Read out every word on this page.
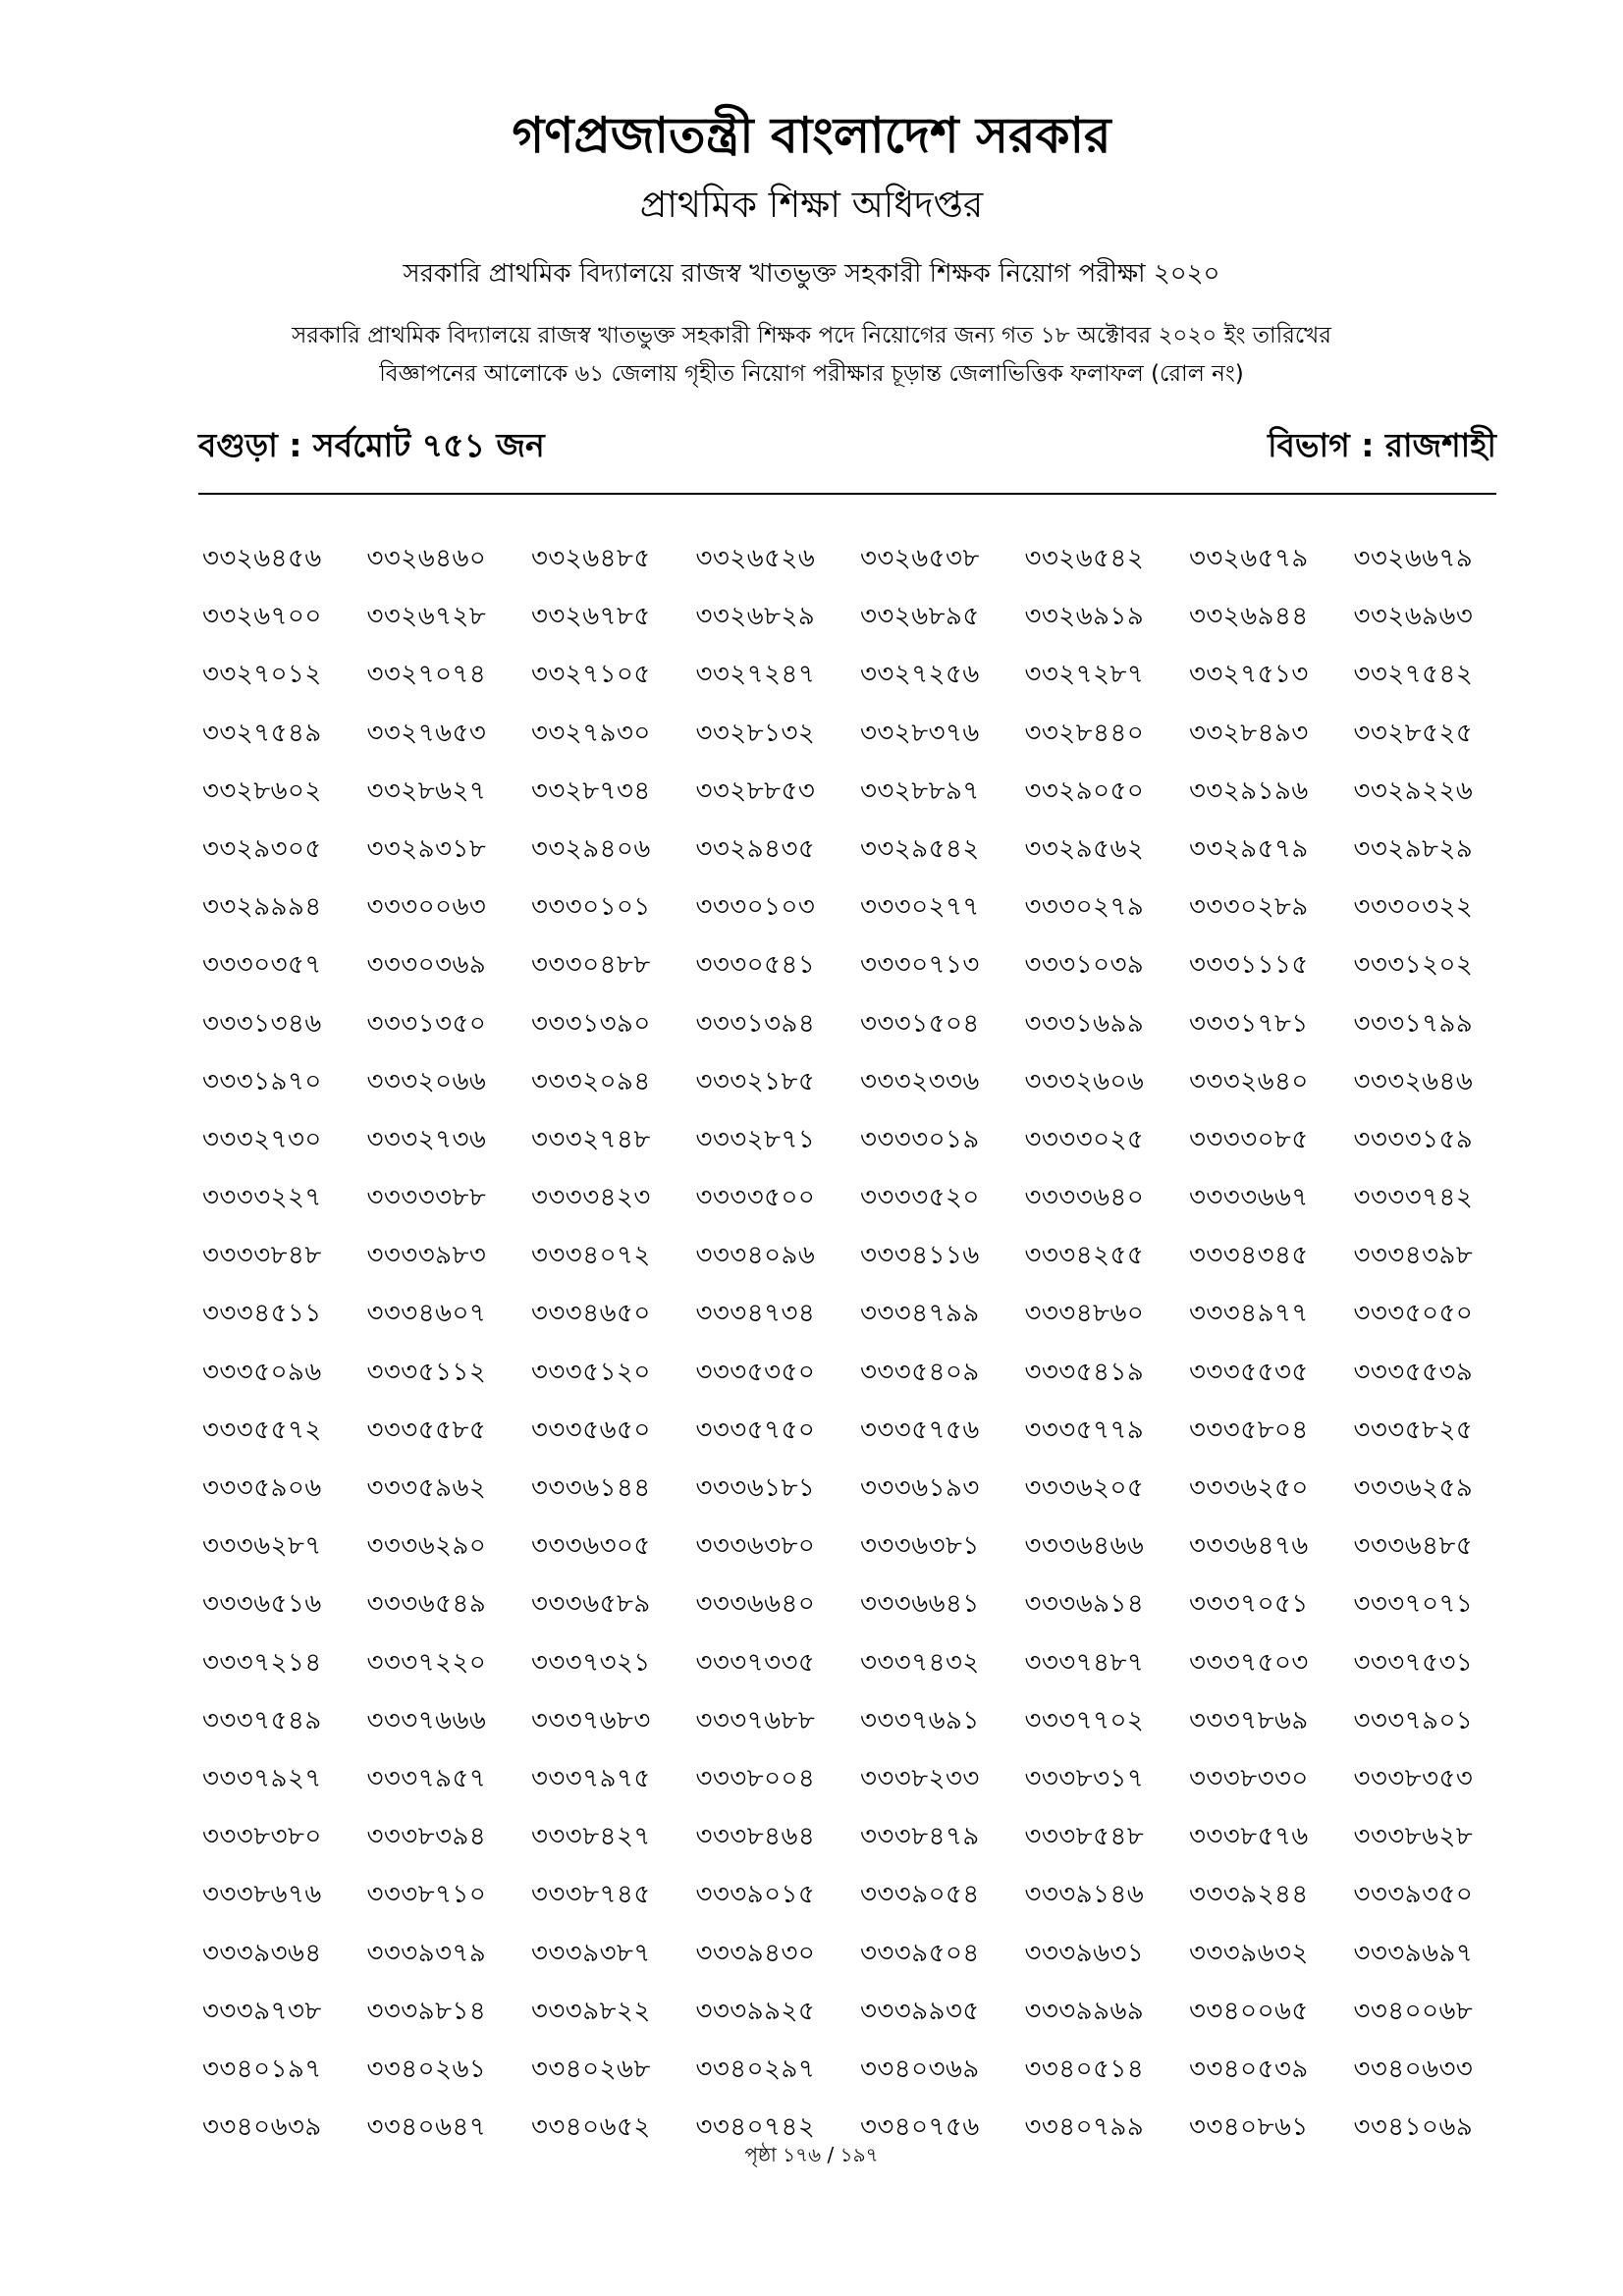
গণপ্রজাতন্ত্রী বাংলাদেশ সরকার
প্রাথমিক শিক্ষা অধিদপ্তর
সরকারি প্রাথমিক বিদ্যালয়ে রাজস্ব খাতভুক্ত সহকারী শিক্ষক নিয়োগ পরীক্ষা ২০২০
সরকারি প্রাথমিক বিদ্যালয়ে রাজস্ব খাতভুক্ত সহকারী শিক্ষক পদে নিয়োগের জন্য গত ১৮ অক্টোবর ২০২০ ইং তারিখের
বিজ্ঞাপনের আলোকে ৬১ জেলায় গৃহীত নিয়োগ পরীক্ষার চূড়ান্ত জেলাভিত্তিক ফলাফল (রোল নং)
বগুড়া : সর্বমোট ৭৫১ জন	বিভাগ : রাজশাহী
৩৩২৬৪৫৬	৩৩২৬৪৬০	৩৩২৬৪৮৫	৩৩২৬৫২৬	৩৩২৬৫৩৮	৩৩২৬৫৪২	৩৩২৬৫৭৯	৩৩২৬৬৭৯
৩৩২৬৭০০	৩৩২৬৭২৮	৩৩২৬৭৮৫	৩৩২৬৮২৯	৩৩২৬৮৯৫	৩৩২৬৯১৯	৩৩২৬৯৪৪	৩৩২৬৯৬৩
৩৩২৭০১২	৩৩২৭০৭৪	৩৩২৭১০৫	৩৩২৭২৪৭	৩৩২৭২৫৬	৩৩২৭২৮৭	৩৩২৭৫১৩	৩৩২৭৫৪২
৩৩২৭৫৪৯	৩৩২৭৬৫৩	৩৩২৭৯৩০	৩৩২৮১৩২	৩৩২৮৩৭৬	৩৩২৮৪৪০	৩৩২৮৪৯৩	৩৩২৮৫২৫
৩৩২৮৬০২	৩৩২৮৬২৭	৩৩২৮৭৩৪	৩৩২৮৮৫৩	৩৩২৮৮৯৭	৩৩২৯০৫০	৩৩২৯১৯৬	৩৩২৯২২৬
৩৩২৯৩০৫	৩৩২৯৩১৮	৩৩২৯৪০৬	৩৩২৯৪৩৫	৩৩২৯৫৪২	৩৩২৯৫৬২	৩৩২৯৫৭৯	৩৩২৯৮২৯
৩৩২৯৯৯৪	৩৩৩০০৬৩	৩৩৩০১০১	৩৩৩০১০৩	৩৩৩০২৭৭	৩৩৩০২৭৯	৩৩৩০২৮৯	৩৩৩০৩২২
৩৩৩০৩৫৭	৩৩৩০৩৬৯	৩৩৩০৪৮৮	৩৩৩০৫৪১	৩৩৩০৭১৩	৩৩৩১০৩৯	৩৩৩১১১৫	৩৩৩১২০২
৩৩৩১৩৪৬	৩৩৩১৩৫০	৩৩৩১৩৯০	৩৩৩১৩৯৪	৩৩৩১৫০৪	৩৩৩১৬৯৯	৩৩৩১৭৮১	৩৩৩১৭৯৯
৩৩৩১৯৭০	৩৩৩২০৬৬	৩৩৩২০৯৪	৩৩৩২১৮৫	৩৩৩২৩৩৬	৩৩৩২৬০৬	৩৩৩২৬৪০	৩৩৩২৬৪৬
৩৩৩২৭৩০	৩৩৩২৭৩৬	৩৩৩২৭৪৮	৩৩৩২৮৭১	৩৩৩৩০১৯	৩৩৩৩০২৫	৩৩৩৩০৮৫	৩৩৩৩১৫৯
৩৩৩৩২২৭	৩৩৩৩৩৮৮	৩৩৩৩৪২৩	৩৩৩৩৫০০	৩৩৩৩৫২০	৩৩৩৩৬৪০	৩৩৩৩৬৬৭	৩৩৩৩৭৪২
৩৩৩৩৮৪৮	৩৩৩৩৯৮৩	৩৩৩৪০৭২	৩৩৩৪০৯৬	৩৩৩৪১১৬	৩৩৩৪২৫৫	৩৩৩৪৩৪৫	৩৩৩৪৩৯৮
৩৩৩৪৫১১	৩৩৩৪৬০৭	৩৩৩৪৬৫০	৩৩৩৪৭৩৪	৩৩৩৪৭৯৯	৩৩৩৪৮৬০	৩৩৩৪৯৭৭	৩৩৩৫০৫০
৩৩৩৫০৯৬	৩৩৩৫১১২	৩৩৩৫১২০	৩৩৩৫৩৫০	৩৩৩৫৪০৯	৩৩৩৫৪১৯	৩৩৩৫৫৩৫	৩৩৩৫৫৩৯
৩৩৩৫৫৭২	৩৩৩৫৫৮৫	৩৩৩৫৬৫০	৩৩৩৫৭৫০	৩৩৩৫৭৫৬	৩৩৩৫৭৭৯	৩৩৩৫৮০৪	৩৩৩৫৮২৫
৩৩৩৫৯০৬	৩৩৩৫৯৬২	৩৩৩৬১৪৪	৩৩৩৬১৮১	৩৩৩৬১৯৩	৩৩৩৬২০৫	৩৩৩৬২৫০	৩৩৩৬২৫৯
৩৩৩৬২৮৭	৩৩৩৬২৯০	৩৩৩৬৩০৫	৩৩৩৬৩৮০	৩৩৩৬৩৮১	৩৩৩৬৪৬৬	৩৩৩৬৪৭৬	৩৩৩৬৪৮৫
৩৩৩৬৫১৬	৩৩৩৬৫৪৯	৩৩৩৬৫৮৯	৩৩৩৬৬৪০	৩৩৩৬৬৪১	৩৩৩৬৯১৪	৩৩৩৭০৫১	৩৩৩৭০৭১
৩৩৩৭২১৪	৩৩৩৭২২০	৩৩৩৭৩২১	৩৩৩৭৩৩৫	৩৩৩৭৪৩২	৩৩৩৭৪৮৭	৩৩৩৭৫০৩	৩৩৩৭৫৩১
৩৩৩৭৫৪৯	৩৩৩৭৬৬৬	৩৩৩৭৬৮৩	৩৩৩৭৬৮৮	৩৩৩৭৬৯১	৩৩৩৭৭০২	৩৩৩৭৮৬৯	৩৩৩৭৯০১
৩৩৩৭৯২৭	৩৩৩৭৯৫৭	৩৩৩৭৯৭৫	৩৩৩৮০০৪	৩৩৩৮২৩৩	৩৩৩৮৩১৭	৩৩৩৮৩৩০	৩৩৩৮৩৫৩
৩৩৩৮৩৮০	৩৩৩৮৩৯৪	৩৩৩৮৪২৭	৩৩৩৮৪৬৪	৩৩৩৮৪৭৯	৩৩৩৮৫৪৮	৩৩৩৮৫৭৬	৩৩৩৮৬২৮
৩৩৩৮৬৭৬	৩৩৩৮৭১০	৩৩৩৮৭৪৫	৩৩৩৯০১৫	৩৩৩৯০৫৪	৩৩৩৯১৪৬	৩৩৩৯২৪৪	৩৩৩৯৩৫০
৩৩৩৯৩৬৪	৩৩৩৯৩৭৯	৩৩৩৯৩৮৭	৩৩৩৯৪৩০	৩৩৩৯৫০৪	৩৩৩৯৬৩১	৩৩৩৯৬৩২	৩৩৩৯৬৯৭
৩৩৩৯৭৩৮	৩৩৩৯৮১৪	৩৩৩৯৮২২	৩৩৩৯৯২৫	৩৩৩৯৯৩৫	৩৩৩৯৯৬৯	৩৩৪০০৬৫	৩৩৪০০৬৮
৩৩৪০১৯৭	৩৩৪০২৬১	৩৩৪০২৬৮	৩৩৪০২৯৭	৩৩৪০৩৬৯	৩৩৪০৫১৪	৩৩৪০৫৩৯	৩৩৪০৬৩৩
৩৩৪০৬৩৯	৩৩৪০৬৪৭	৩৩৪০৬৫২	৩৩৪০৭৪২	৩৩৪০৭৫৬	৩৩৪০৭৯৯	৩৩৪০৮৬১	৩৩৪১০৬৯
পৃষ্ঠা ১৭৬ / ১৯৭
